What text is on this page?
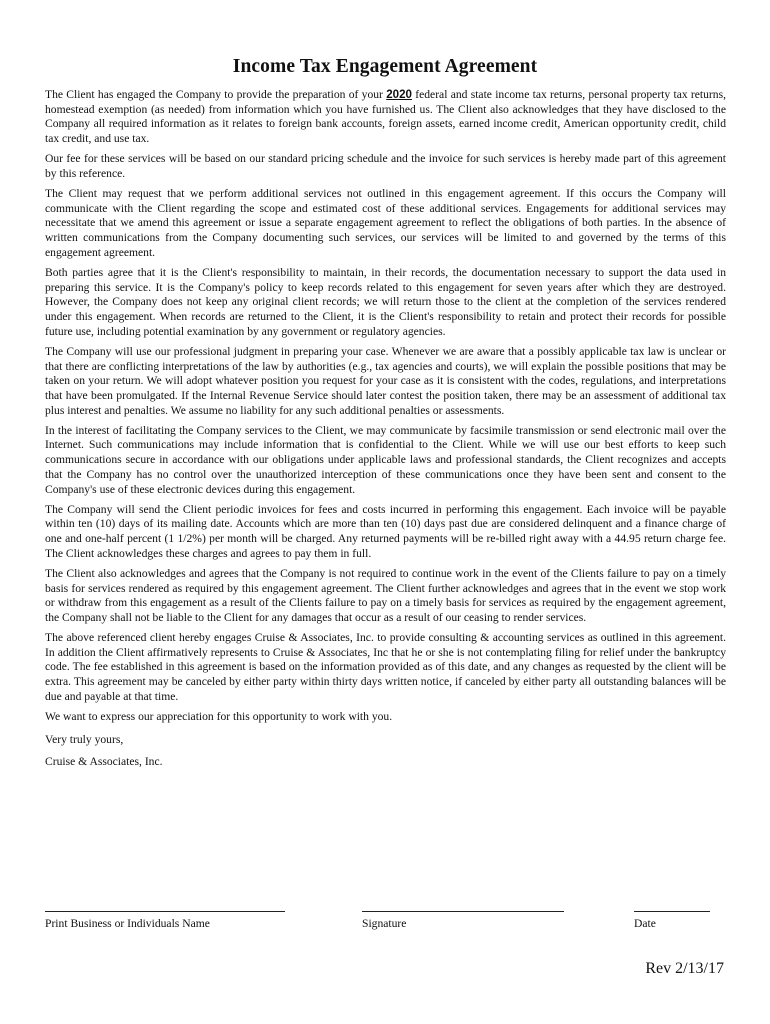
Income Tax Engagement Agreement

The Client has engaged the Company to provide the preparation of your 2020 federal and state income tax returns, personal property tax returns, homestead exemption (as needed) from information which you have furnished us. The Client also acknowledges that they have disclosed to the Company all required information as it relates to foreign bank accounts, foreign assets, earned income credit, American opportunity credit, child tax credit, and use tax.

Our fee for these services will be based on our standard pricing schedule and the invoice for such services is hereby made part of this agreement by this reference.

The Client may request that we perform additional services not outlined in this engagement agreement. If this occurs the Company will communicate with the Client regarding the scope and estimated cost of these additional services. Engagements for additional services may necessitate that we amend this agreement or issue a separate engagement agreement to reflect the obligations of both parties. In the absence of written communications from the Company documenting such services, our services will be limited to and governed by the terms of this engagement agreement.

Both parties agree that it is the Client's responsibility to maintain, in their records, the documentation necessary to support the data used in preparing this service. It is the Company's policy to keep records related to this engagement for seven years after which they are destroyed. However, the Company does not keep any original client records; we will return those to the client at the completion of the services rendered under this engagement. When records are returned to the Client, it is the Client's responsibility to retain and protect their records for possible future use, including potential examination by any government or regulatory agencies.

The Company will use our professional judgment in preparing your case. Whenever we are aware that a possibly applicable tax law is unclear or that there are conflicting interpretations of the law by authorities (e.g., tax agencies and courts), we will explain the possible positions that may be taken on your return. We will adopt whatever position you request for your case as it is consistent with the codes, regulations, and interpretations that have been promulgated. If the Internal Revenue Service should later contest the position taken, there may be an assessment of additional tax plus interest and penalties. We assume no liability for any such additional penalties or assessments.

In the interest of facilitating the Company services to the Client, we may communicate by facsimile transmission or send electronic mail over the Internet. Such communications may include information that is confidential to the Client. While we will use our best efforts to keep such communications secure in accordance with our obligations under applicable laws and professional standards, the Client recognizes and accepts that the Company has no control over the unauthorized interception of these communications once they have been sent and consent to the Company's use of these electronic devices during this engagement.

The Company will send the Client periodic invoices for fees and costs incurred in performing this engagement. Each invoice will be payable within ten (10) days of its mailing date. Accounts which are more than ten (10) days past due are considered delinquent and a finance charge of one and one-half percent (1 1/2%) per month will be charged. Any returned payments will be re-billed right away with a 44.95 return charge fee. The Client acknowledges these charges and agrees to pay them in full.

The Client also acknowledges and agrees that the Company is not required to continue work in the event of the Clients failure to pay on a timely basis for services rendered as required by this engagement agreement. The Client further acknowledges and agrees that in the event we stop work or withdraw from this engagement as a result of the Clients failure to pay on a timely basis for services as required by the engagement agreement, the Company shall not be liable to the Client for any damages that occur as a result of our ceasing to render services.

The above referenced client hereby engages Cruise & Associates, Inc. to provide consulting & accounting services as outlined in this agreement. In addition the Client affirmatively represents to Cruise & Associates, Inc that he or she is not contemplating filing for relief under the bankruptcy code. The fee established in this agreement is based on the information provided as of this date, and any changes as requested by the client will be extra. This agreement may be canceled by either party within thirty days written notice, if canceled by either party all outstanding balances will be due and payable at that time.

We want to express our appreciation for this opportunity to work with you.

Very truly yours,

Cruise & Associates, Inc.

Print Business or Individuals Name	Signature	Date
Rev 2/13/17
